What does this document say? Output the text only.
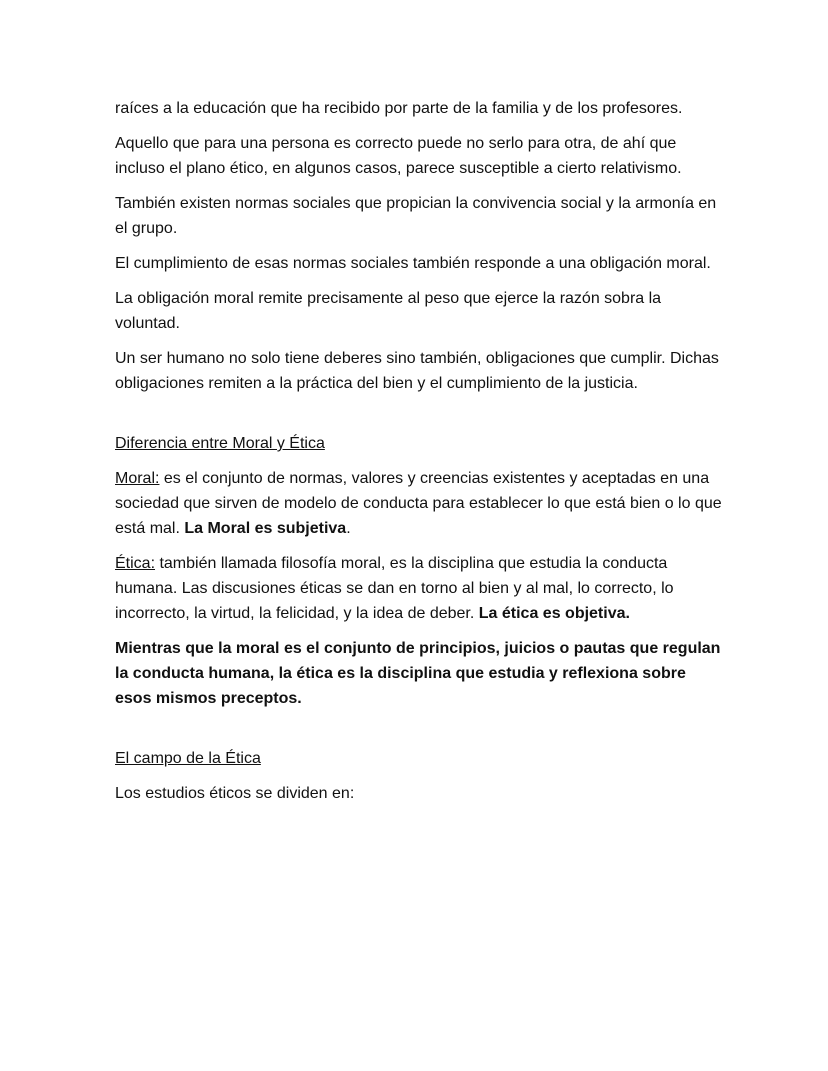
raíces a la educación que ha recibido por parte de la familia y de los profesores.

Aquello que para una persona es correcto puede no serlo para otra, de ahí que incluso el plano ético, en algunos casos, parece susceptible a cierto relativismo.

También existen normas sociales que propician la convivencia social y la armonía en el grupo.

El cumplimiento de esas normas sociales también responde a una obligación moral.

La obligación moral remite precisamente al peso que ejerce la razón sobra la voluntad.

Un ser humano no solo tiene deberes sino también, obligaciones que cumplir. Dichas obligaciones remiten a la práctica del bien y el cumplimiento de la justicia.

Diferencia entre Moral y Ética

Moral: es el conjunto de normas, valores y creencias existentes y aceptadas en una sociedad que sirven de modelo de conducta para establecer lo que está bien o lo que está mal. La Moral es subjetiva.

Ética: también llamada filosofía moral, es la disciplina que estudia la conducta humana. Las discusiones éticas se dan en torno al bien y al mal, lo correcto, lo incorrecto, la virtud, la felicidad, y la idea de deber. La ética es objetiva.

Mientras que la moral es el conjunto de principios, juicios o pautas que regulan la conducta humana, la ética es la disciplina que estudia y reflexiona sobre esos mismos preceptos.

El campo de la Ética

Los estudios éticos se dividen en:
